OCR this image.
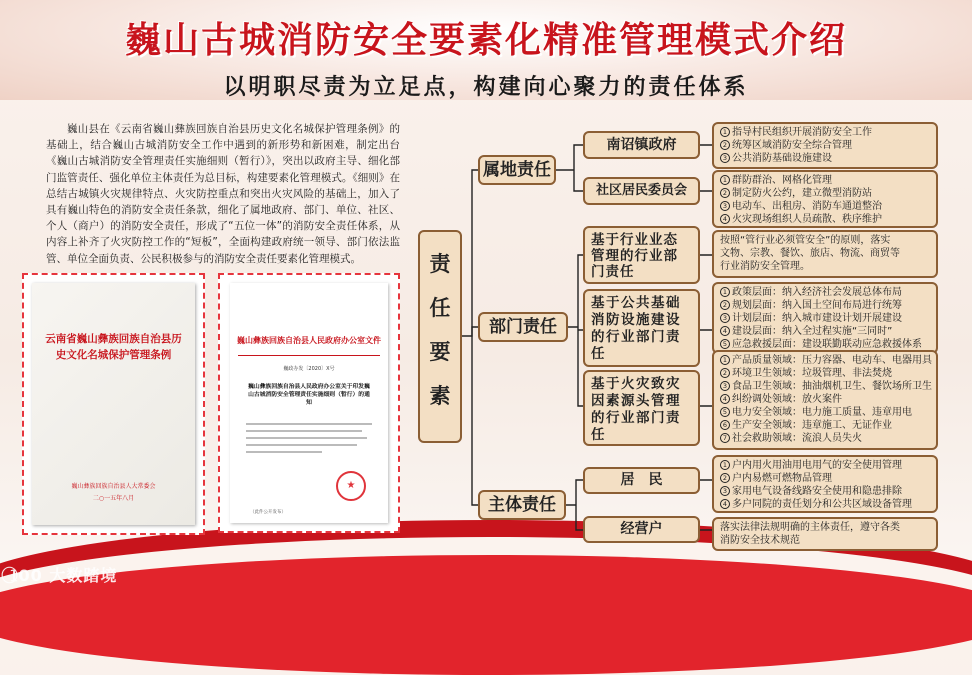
巍山古城消防安全要素化精准管理模式介绍
以明职尽责为立足点，构建向心聚力的责任体系

巍山县在《云南省巍山彝族回族自治县历史文化名城保护管理条例》的基础上，结合巍山古城消防安全工作中遇到的新形势和新困难，制定出台《巍山古城消防安全管理责任实施细则（暂行）》，突出以政府主导、细化部门监管责任、强化单位主体责任为总目标，构建要素化管理模式。《细则》在总结古城镇火灾规律特点、火灾防控重点和突出火灾风险的基础上，加入了具有巍山特色的消防安全责任条款，细化了属地政府、部门、单位、社区、个人（商户）的消防安全责任，形成了“五位一体”的消防安全责任体系，从内容上补齐了火灾防控工作的“短板”，全面构建政府统一领导、部门依法监管、单位全面负责、公民积极参与的消防安全责任要素化管理模式。

云南省巍山彝族回族自治县历史文化名城保护管理条例
巍山彝族回族自治县人大常委会
二○一五年八月
巍山彝族回族自治县人民政府办公室文件
巍政办发〔2020〕X号
巍山彝族回族自治县人民政府办公室关于印发巍山古城消防安全管理责任实施细则（暂行）的通知
★
（此件公开发布）
责
任
要
素
属地责任
部门责任
主体责任
南诏镇政府
社区居民委员会
基于行业业态管理的行业部门责任
基于公共基础消防设施建设的行业部门责任
基于火灾致灾因素源头管理的行业部门责任
居　民
经营户
1 指导村民组织开展消防安全工作
2 统筹区域消防安全综合管理
3 公共消防基础设施建设
1 群防群治、网格化管理
2 制定防火公约，建立微型消防站
3 电动车、出租房、消防车通道整治
4 火灾现场组织人员疏散、秩序维护
按照“管行业必须管安全”的原则，落实
文物、宗教、餐饮、旅店、物流、商贸等
行业消防安全管理。
1 政策层面：纳入经济社会发展总体布局
2 规划层面：纳入国土空间布局进行统筹
3 计划层面：纳入城市建设计划开展建设
4 建设层面：纳入全过程实施“三同时”
5 应急救援层面：建设联勤联动应急救援体系
1 产品质量领域：压力容器、电动车、电器用具
2 环境卫生领域：垃圾管理、非法焚烧
3 食品卫生领域：抽油烟机卫生、餐饮场所卫生
4 纠纷调处领域：放火案件
5 电力安全领域：电力施工质量、违章用电
6 生产安全领域：违章施工、无证作业
7 社会救助领域：流浪人员失火
1 户内用火用油用电用气的安全使用管理
2 户内易燃可燃物品管理
3 家用电气设备线路安全使用和隐患排除
4 多户同院的责任划分和公共区域设备管理
落实法律法规明确的主体责任，遵守各类
消防安全技术规范
1⃝00 大数踏境
